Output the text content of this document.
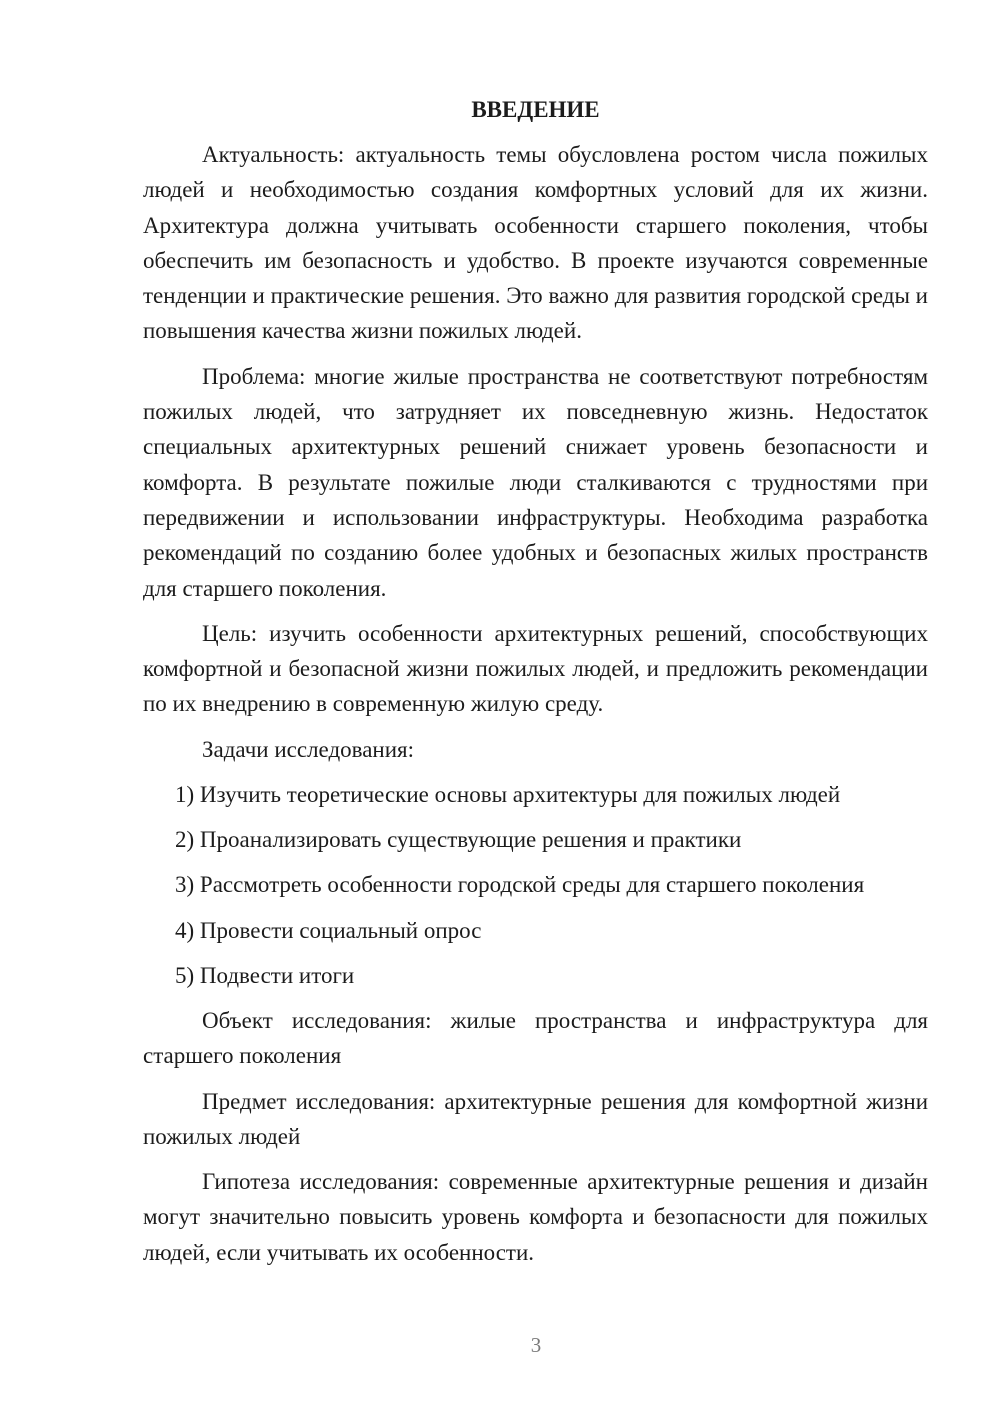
ВВЕДЕНИЕ

Актуальность: актуальность темы обусловлена ростом числа пожилых людей и необходимостью создания комфортных условий для их жизни. Архитектура должна учитывать особенности старшего поколения, чтобы обеспечить им безопасность и удобство. В проекте изучаются современные тенденции и практические решения. Это важно для развития городской среды и повышения качества жизни пожилых людей.

Проблема: многие жилые пространства не соответствуют потребностям пожилых людей, что затрудняет их повседневную жизнь. Недостаток специальных архитектурных решений снижает уровень безопасности и комфорта. В результате пожилые люди сталкиваются с трудностями при передвижении и использовании инфраструктуры. Необходима разработка рекомендаций по созданию более удобных и безопасных жилых пространств для старшего поколения.

Цель: изучить особенности архитектурных решений, способствующих комфортной и безопасной жизни пожилых людей, и предложить рекомендации по их внедрению в современную жилую среду.

Задачи исследования:

1) Изучить теоретические основы архитектуры для пожилых людей
2) Проанализировать существующие решения и практики
3) Рассмотреть особенности городской среды для старшего поколения
4) Провести социальный опрос
5) Подвести итоги

Объект исследования: жилые пространства и инфраструктура для старшего поколения

Предмет исследования: архитектурные решения для комфортной жизни пожилых людей

Гипотеза исследования: современные архитектурные решения и дизайн могут значительно повысить уровень комфорта и безопасности для пожилых людей, если учитывать их особенности.

3
